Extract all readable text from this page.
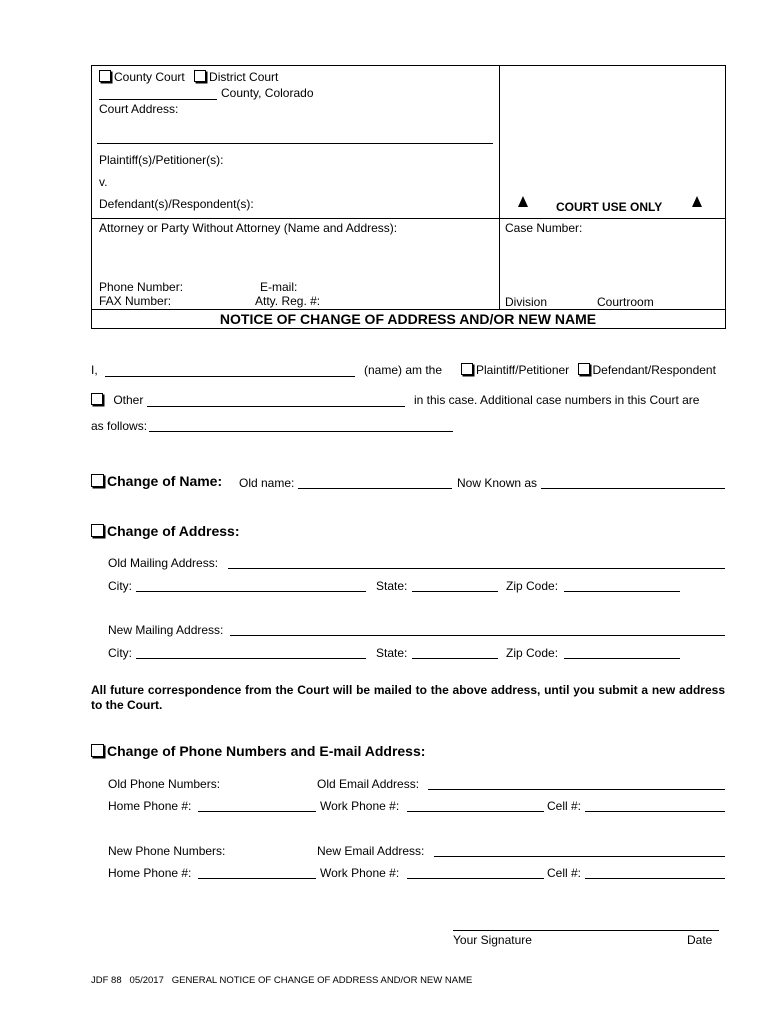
County Court District Court
County, Colorado
Court Address:
Plaintiff(s)/Petitioner(s):
v.
Defendant(s)/Respondent(s):	COURT USE ONLY
Attorney or Party Without Attorney (Name and Address):	Case Number:
Phone Number:	E-mail:
FAX Number:	Atty. Reg. #:	Division	Courtroom
NOTICE OF CHANGE OF ADDRESS AND/OR NEW NAME
I,	(name) am the	Plaintiff/Petitioner Defendant/Respondent
Other	in this case. Additional case numbers in this Court are
as follows:
Change of Name: Old name:	Now Known as
Change of Address:
Old Mailing Address:
City:	State:	Zip Code:
New Mailing Address:
City:	State:	Zip Code:
All future correspondence from the Court will be mailed to the above address, until you submit a new address to the Court.
Change of Phone Numbers and E-mail Address:
Old Phone Numbers:	Old Email Address:
Home Phone #:	Work Phone #:	Cell #:
New Phone Numbers:	New Email Address:
Home Phone #:	Work Phone #:	Cell #:
Your Signature	Date
JDF 88   05/2017   GENERAL NOTICE OF CHANGE OF ADDRESS AND/OR NEW NAME
